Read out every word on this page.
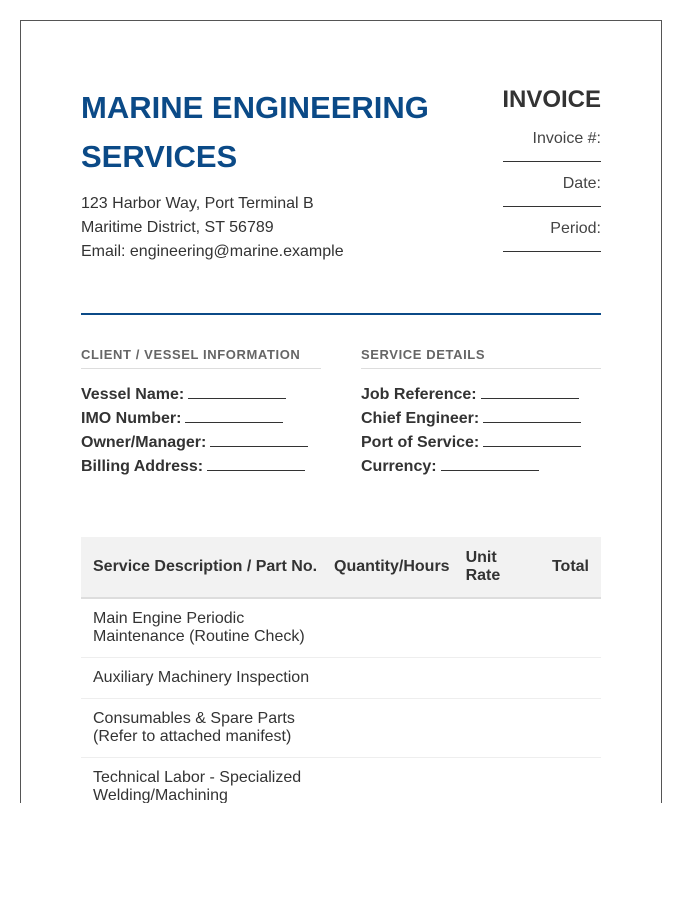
MARINE ENGINEERING SERVICES
123 Harbor Way, Port Terminal B
Maritime District, ST 56789
Email: engineering@marine.example
INVOICE
Invoice #:
Date:
Period:
CLIENT / VESSEL INFORMATION
Vessel Name:
IMO Number:
Owner/Manager:
Billing Address:
SERVICE DETAILS
Job Reference:
Chief Engineer:
Port of Service:
Currency:
Service Description / Part No.	Quantity/Hours	Unit Rate	Total
Main Engine Periodic Maintenance (Routine Check)			
Auxiliary Machinery Inspection			
Consumables & Spare Parts (Refer to attached manifest)			
Technical Labor - Specialized Welding/Machining			
